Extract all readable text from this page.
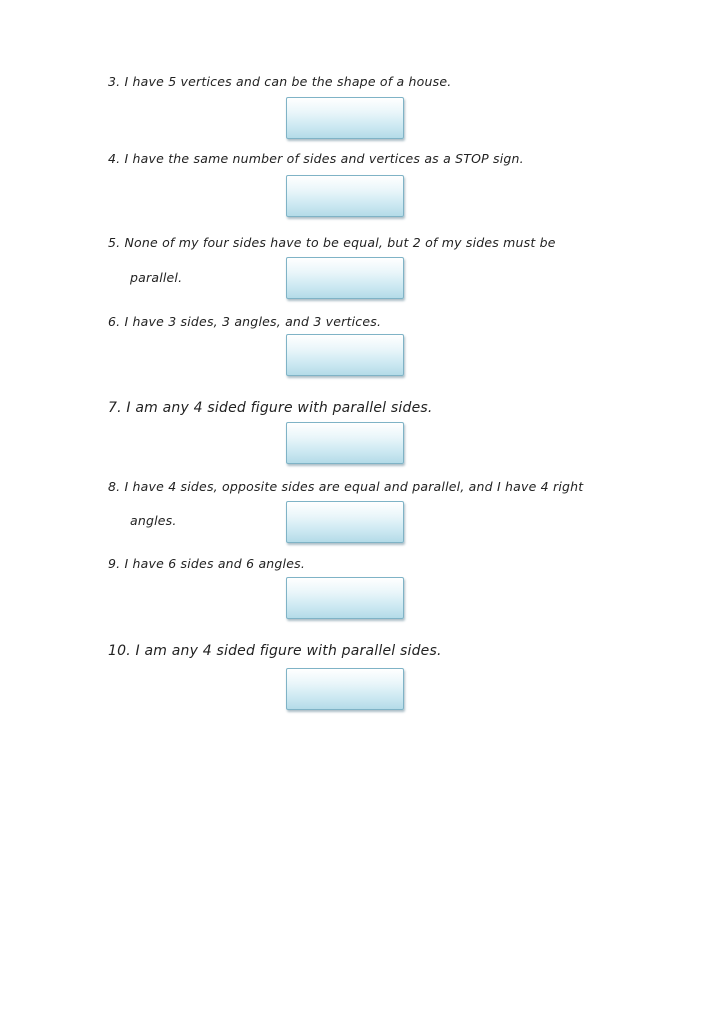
3. I have 5 vertices and can be the shape of a house.
4. I have the same number of sides and vertices as a STOP sign.
5. None of my four sides have to be equal, but 2 of my sides must be
parallel.
6. I have 3 sides, 3 angles, and 3 vertices.
7. I am any 4 sided figure with parallel sides.
8. I have 4 sides, opposite sides are equal and parallel, and I have 4 right
angles.
9. I have 6 sides and 6 angles.
10. I am any 4 sided figure with parallel sides.
